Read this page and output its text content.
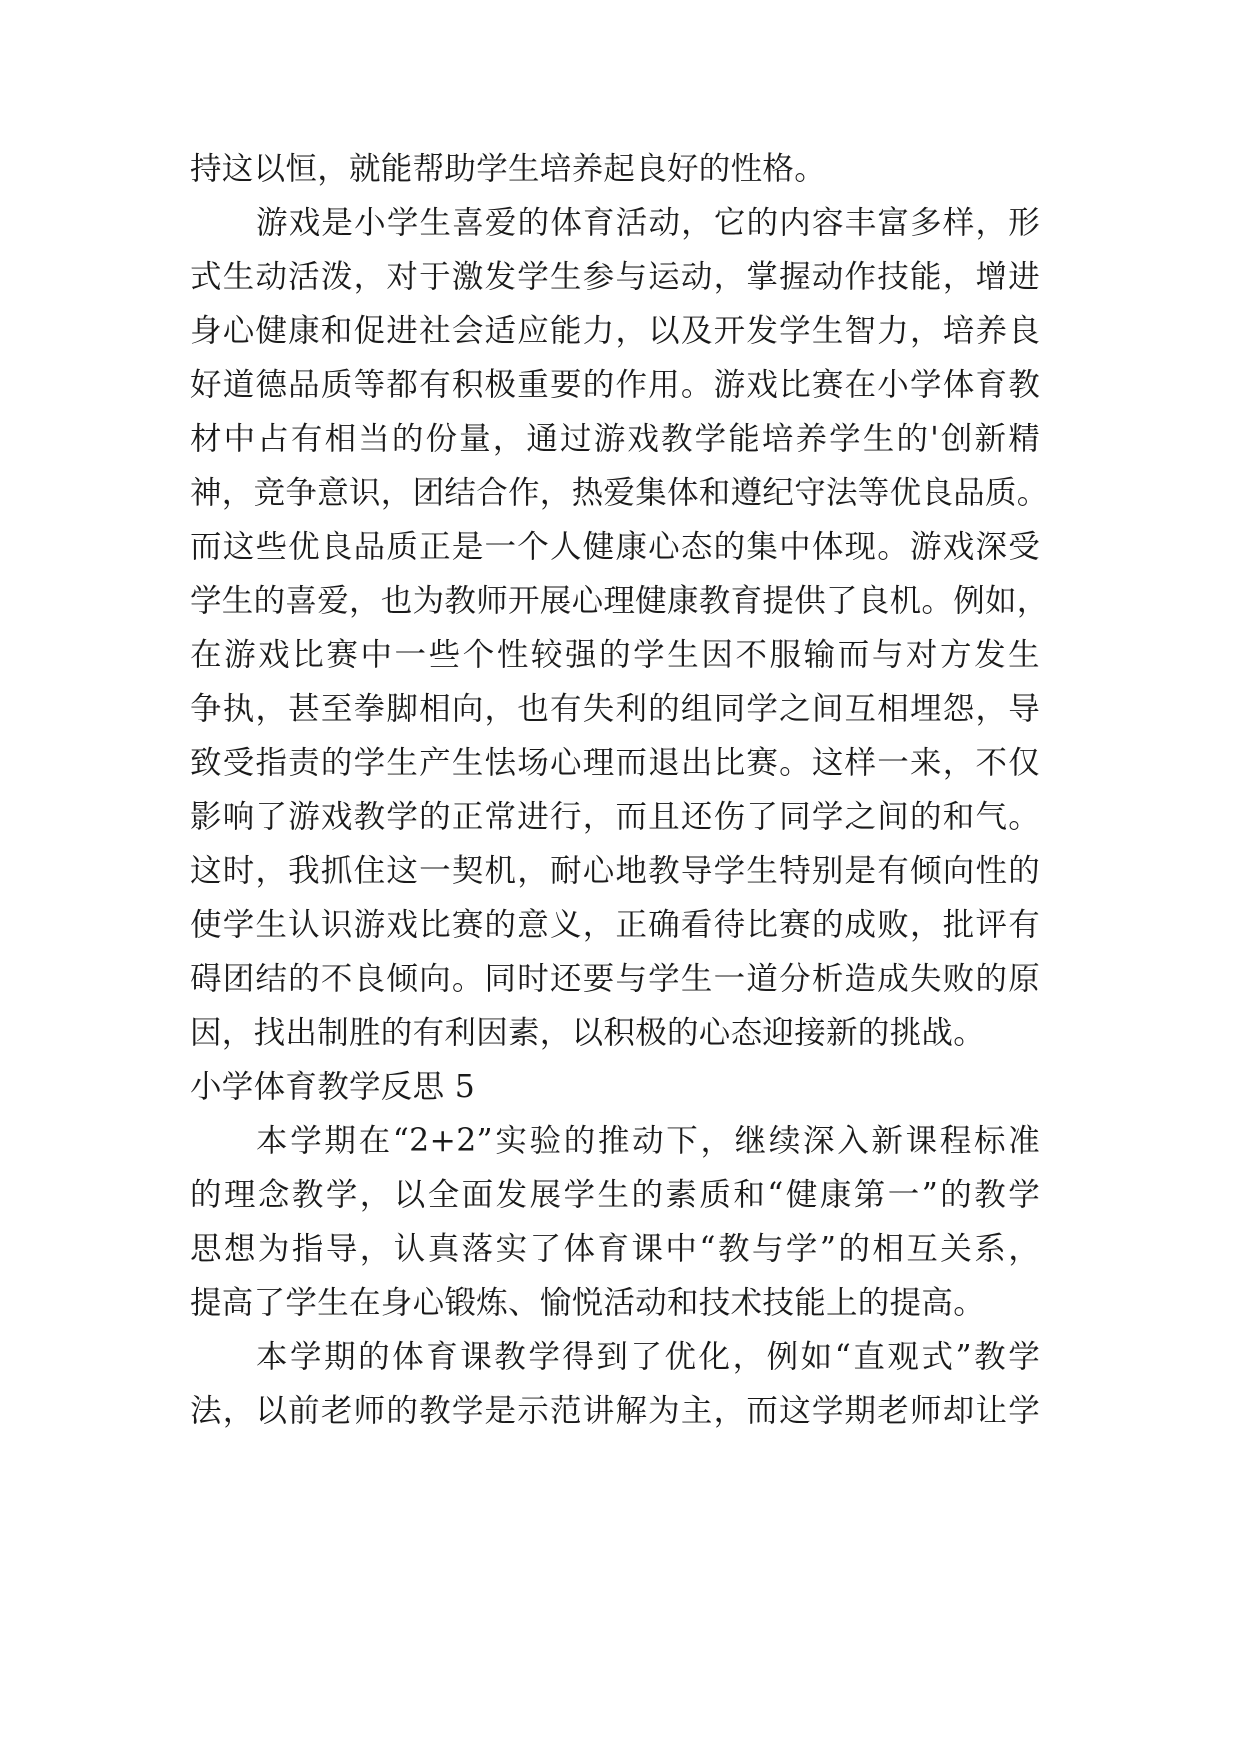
持这以恒，就能帮助学生培养起良好的性格。
游戏是小学生喜爱的体育活动，它的内容丰富多样，形
式生动活泼，对于激发学生参与运动，掌握动作技能，增进
身心健康和促进社会适应能力，以及开发学生智力，培养良
好道德品质等都有积极重要的作用。游戏比赛在小学体育教
材中占有相当的份量，通过游戏教学能培养学生的'创新精
神，竞争意识，团结合作，热爱集体和遵纪守法等优良品质。
而这些优良品质正是一个人健康心态的集中体现。游戏深受
学生的喜爱，也为教师开展心理健康教育提供了良机。例如，
在游戏比赛中一些个性较强的学生因不服输而与对方发生
争执，甚至拳脚相向，也有失利的组同学之间互相埋怨，导
致受指责的学生产生怯场心理而退出比赛。这样一来，不仅
影响了游戏教学的正常进行，而且还伤了同学之间的和气。
这时，我抓住这一契机，耐心地教导学生特别是有倾向性的
使学生认识游戏比赛的意义，正确看待比赛的成败，批评有
碍团结的不良倾向。同时还要与学生一道分析造成失败的原
因，找出制胜的有利因素，以积极的心态迎接新的挑战。
小学体育教学反思 5
本学期在“2+2”实验的推动下，继续深入新课程标准
的理念教学，以全面发展学生的素质和“健康第一”的教学
思想为指导，认真落实了体育课中“教与学”的相互关系，
提高了学生在身心锻炼、愉悦活动和技术技能上的提高。
本学期的体育课教学得到了优化，例如“直观式”教学
法，以前老师的教学是示范讲解为主，而这学期老师却让学
